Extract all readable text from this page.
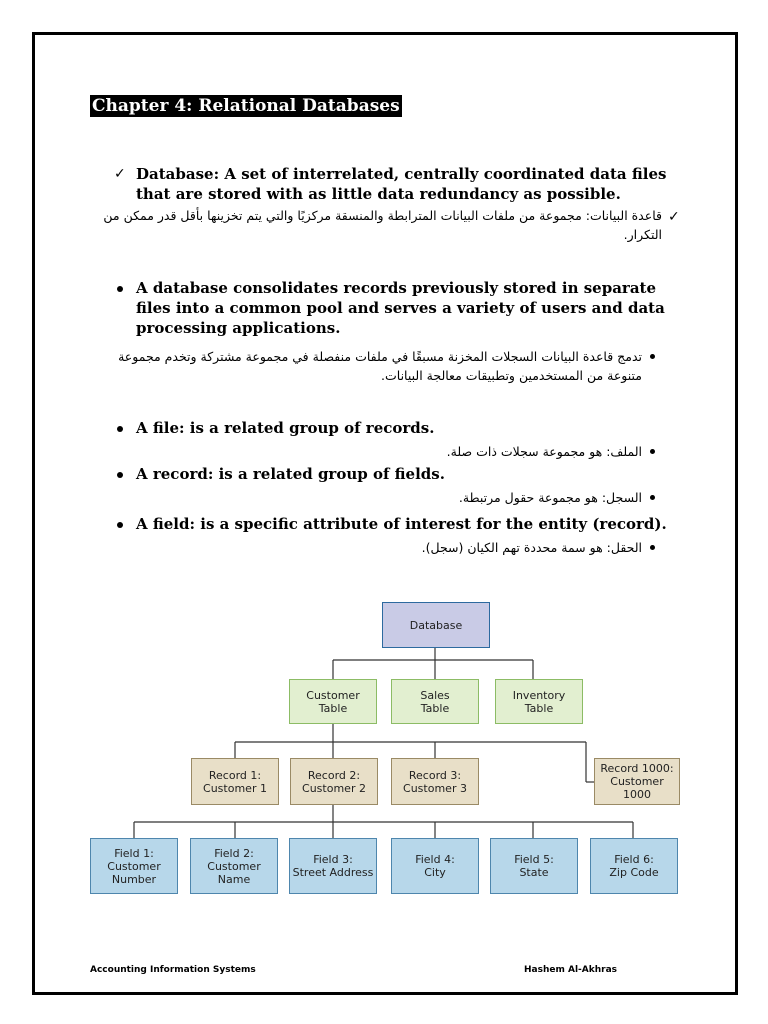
Chapter 4: Relational Databases
✓ Database: A set of interrelated, centrally coordinated data files that are stored with as little data redundancy as possible.
✓
قاعدة البيانات: مجموعة من ملفات البيانات المترابطة والمنسقة مركزيًا والتي يتم تخزينها بأقل قدر ممكن من التكرار.
A database consolidates records previously stored in separate files into a common pool and serves a variety of users and data processing applications.
تدمج قاعدة البيانات السجلات المخزنة مسبقًا في ملفات منفصلة في مجموعة مشتركة وتخدم مجموعة متنوعة من المستخدمين وتطبيقات معالجة البيانات.
A file: is a related group of records.
الملف: هو مجموعة سجلات ذات صلة.
A record: is a related group of fields.
السجل: هو مجموعة حقول مرتبطة.
A field: is a specific attribute of interest for the entity (record).
الحقل: هو سمة محددة تهم الكيان (سجل).
Database
Customer
Table
Sales
Table
Inventory
Table
Record 1:
Customer 1
Record 2:
Customer 2
Record 3:
Customer 3
Record 1000:
Customer 1000
Field 1:
Customer
Number
Field 2:
Customer
Name
Field 3:
Street Address
Field 4:
City
Field 5:
State
Field 6:
Zip Code
Accounting Information Systems	Hashem Al-Akhras
